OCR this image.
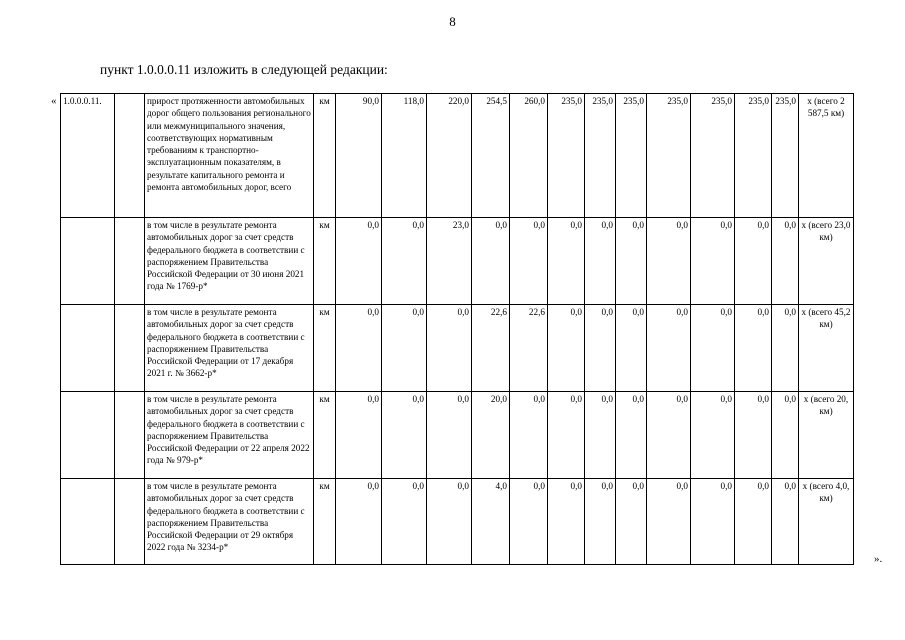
8
пункт 1.0.0.0.11 изложить в следующей редакции:
« 1.0.0.0.11.		прирост протяженности автомобильных дорог общего пользования регионального или межмуниципального значения, соответствующих нормативным требованиям к транспортно-эксплуатационным показателям, в результате капитального ремонта и ремонта автомобильных дорог, всего	км	90,0	118,0	220,0	254,5	260,0	235,0	235,0	235,0	235,0	235,0	235,0	235,0	х (всего 2 587,5 км)
		в том числе в результате ремонта автомобильных дорог за счет средств федерального бюджета в соответствии с распоряжением Правительства Российской Федерации от 30 июня 2021 года № 1769-р*	км	0,0	0,0	23,0	0,0	0,0	0,0	0,0	0,0	0,0	0,0	0,0	0,0	х (всего 23,0 км)
		в том числе в результате ремонта автомобильных дорог за счет средств федерального бюджета в соответствии с распоряжением Правительства Российской Федерации от 17 декабря 2021 г. № 3662-р*	км	0,0	0,0	0,0	22,6	22,6	0,0	0,0	0,0	0,0	0,0	0,0	0,0	х (всего 45,2 км)
		в том числе в результате ремонта автомобильных дорог за счет средств федерального бюджета в соответствии с распоряжением Правительства Российской Федерации от 22 апреля 2022 года № 979-р*	км	0,0	0,0	0,0	20,0	0,0	0,0	0,0	0,0	0,0	0,0	0,0	0,0	х (всего 20, км)
		в том числе в результате ремонта автомобильных дорог за счет средств федерального бюджета в соответствии с распоряжением Правительства Российской Федерации от 29 октября 2022 года № 3234-р*	км	0,0	0,0	0,0	4,0	0,0	0,0	0,0	0,0	0,0	0,0	0,0	0,0	х (всего 4,0, км)
».
